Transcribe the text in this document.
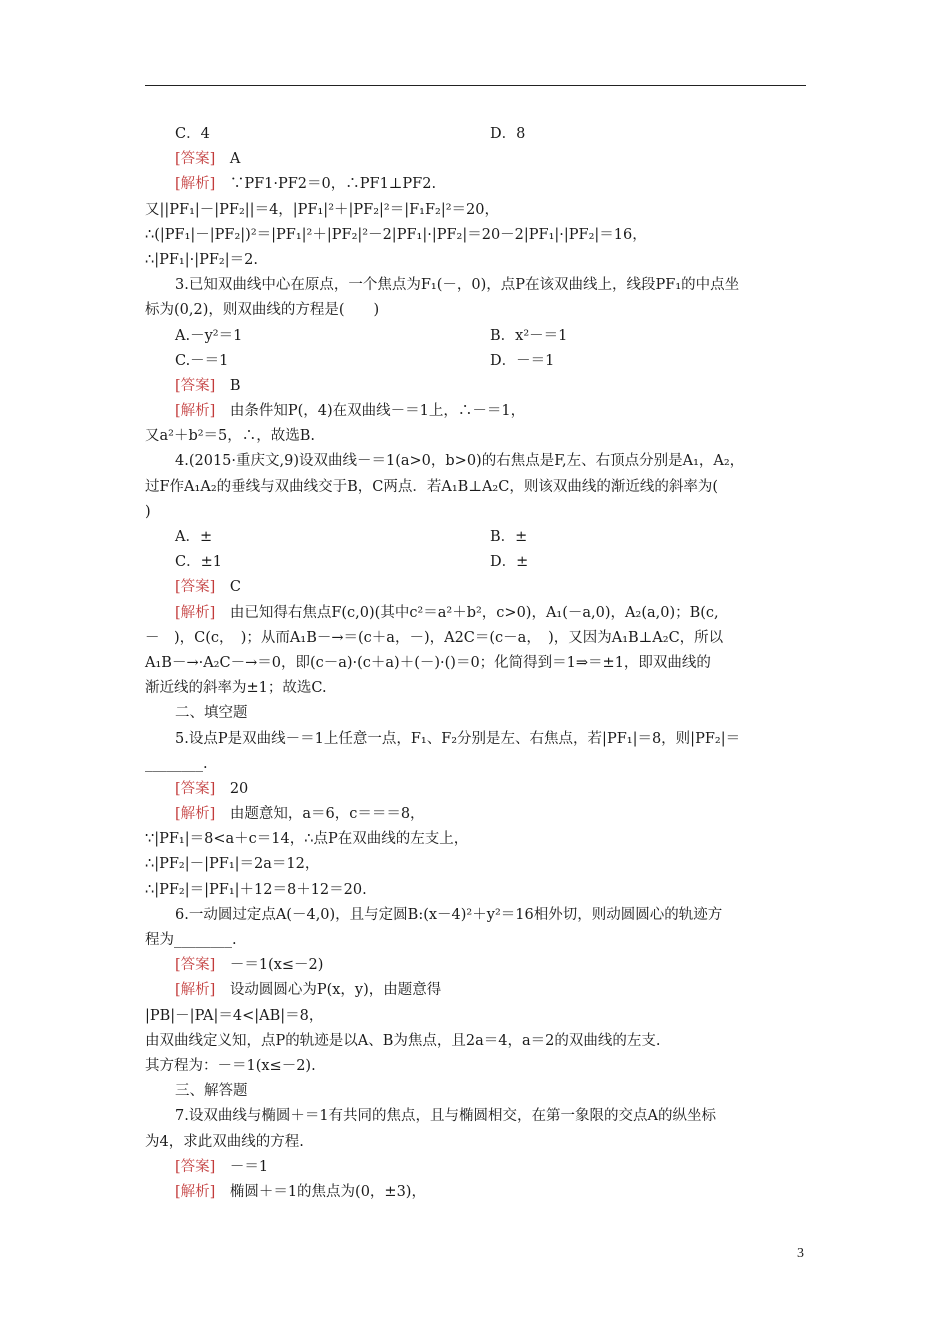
C．4	D．8
[答案]　 A
[解析]　 ∵PF1·PF2＝0，∴PF1⊥PF2.
又||PF₁|－|PF₂||＝4，|PF₁|²＋|PF₂|²＝|F₁F₂|²＝20，
∴(|PF₁|－|PF₂|)²＝|PF₁|²＋|PF₂|²－2|PF₁|·|PF₂|＝20－2|PF₁|·|PF₂|＝16，
∴|PF₁|·|PF₂|＝2.
3.已知双曲线中心在原点，一个焦点为F₁(－，0)，点P在该双曲线上，线段PF₁的中点坐
标为(0,2)，则双曲线的方程是(　　)
A.－y²＝1	B．x²－＝1
C.－＝1	D．－＝1
[答案]　 B
[解析]　 由条件知P(，4)在双曲线－＝1上，∴－＝1，
又a²＋b²＝5，∴，故选B.
4.(2015·重庆文,9)设双曲线－＝1(a>0，b>0)的右焦点是F,左、右顶点分别是A₁，A₂，
过F作A₁A₂的垂线与双曲线交于B，C两点．若A₁B⊥A₂C，则该双曲线的渐近线的斜率为(
)
A．±	B．±
C．±1	D．±
[答案]　 C
[解析]　 由已知得右焦点F(c,0)(其中c²＝a²＋b²，c>0)，A₁(－a,0)，A₂(a,0)；B(c,
－　)，C(c，　)；从而A₁B－→＝(c＋a，－)，A2C＝(c－a，　)，又因为A₁B⊥A₂C，所以
A₁B－→·A₂C－→＝0，即(c－a)·(c＋a)＋(－)·()＝0；化简得到＝1⇒＝±1，即双曲线的
渐近线的斜率为±1；故选C.
二、填空题
5.设点P是双曲线－＝1上任意一点，F₁、F₂分别是左、右焦点，若|PF₁|＝8，则|PF₂|＝
________.
[答案]　 20
[解析]　 由题意知，a＝6，c＝＝＝8，
∵|PF₁|＝8<a＋c＝14，∴点P在双曲线的左支上，
∴|PF₂|－|PF₁|＝2a＝12，
∴|PF₂|＝|PF₁|＋12＝8＋12＝20.
6.一动圆过定点A(－4,0)，且与定圆B:(x－4)²＋y²＝16相外切，则动圆圆心的轨迹方
程为________.
[答案]　 －＝1(x≤－2)
[解析]　 设动圆圆心为P(x，y)，由题意得
|PB|－|PA|＝4<|AB|＝8，
由双曲线定义知，点P的轨迹是以A、B为焦点，且2a＝4，a＝2的双曲线的左支.
其方程为：－＝1(x≤－2).
三、解答题
7.设双曲线与椭圆＋＝1有共同的焦点，且与椭圆相交，在第一象限的交点A的纵坐标
为4，求此双曲线的方程.
[答案]　 －＝1
[解析]　 椭圆＋＝1的焦点为(0，±3)，
3
